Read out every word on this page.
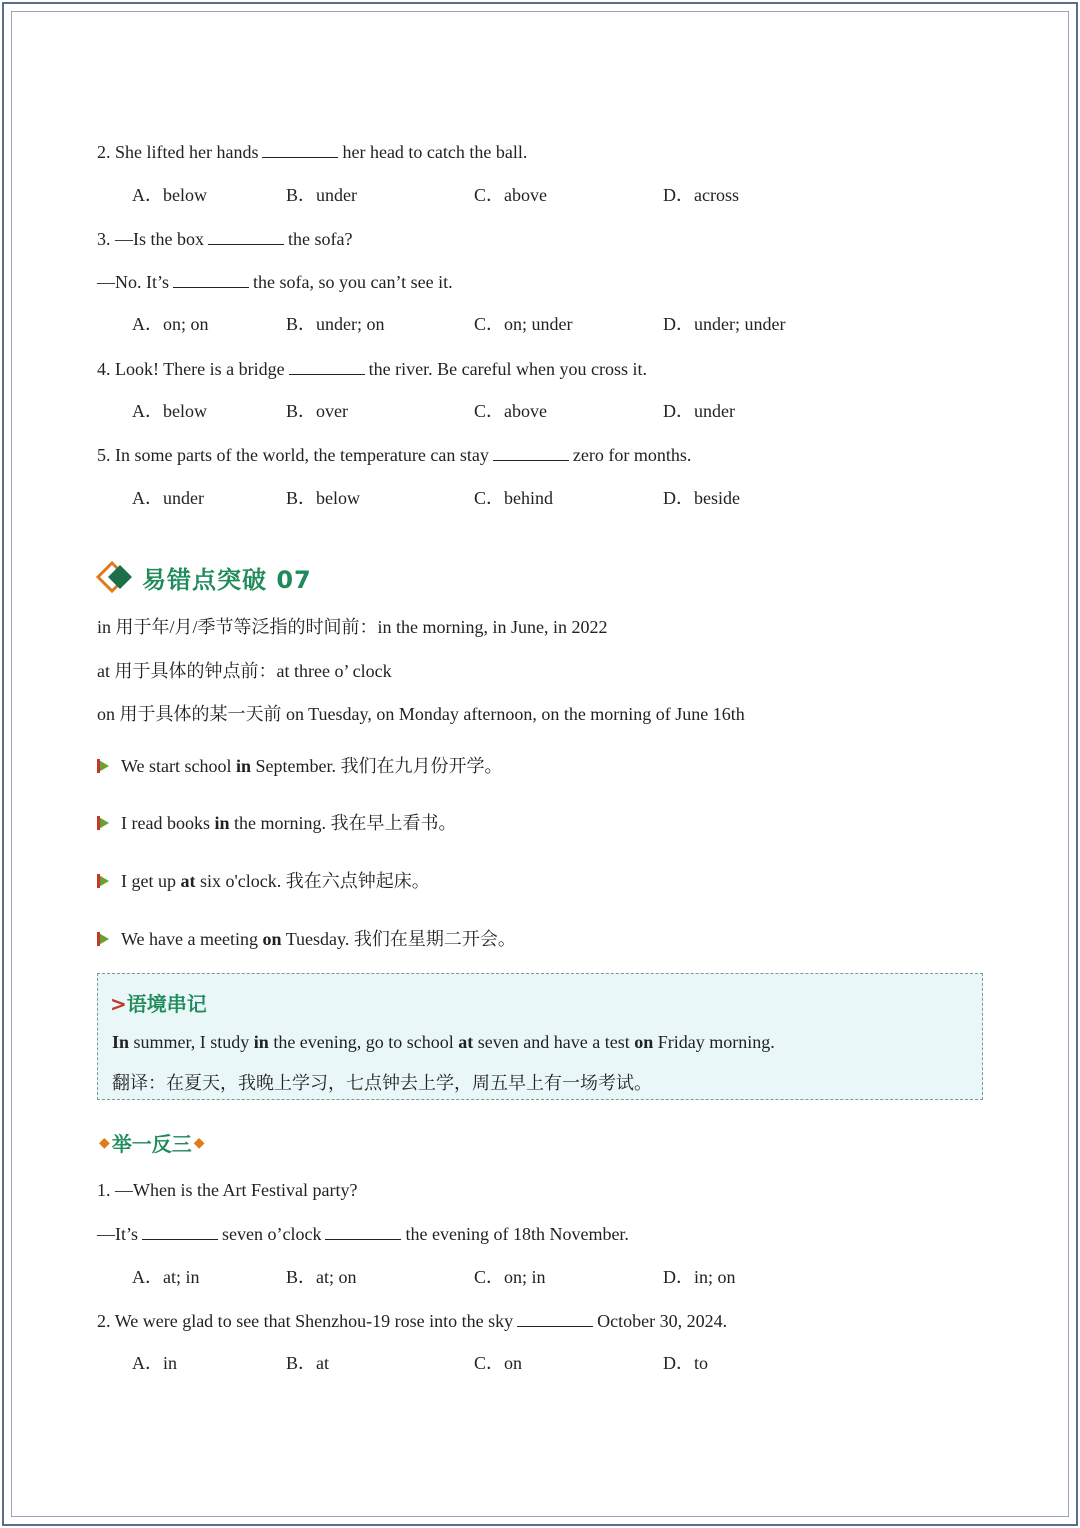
2. She lifted her hands	her head to catch the ball.
A．below	B．under	C．above	D．across
3. —Is the box	the sofa?
—No. It’s	the sofa, so you can’t see it.
A．on; on	B．under; on	C．on; under	D．under; under
4. Look! There is a bridge	the river. Be careful when you cross it.
A．below	B．over	C．above	D．under
5. In some parts of the world, the temperature can stay	zero for months.
A．under	B．below	C．behind	D．beside
易错点突破 07
in 用于年/月/季节等泛指的时间前：in the morning, in June, in 2022
at 用于具体的钟点前：at three o’ clock
on 用于具体的某一天前 on Tuesday, on Monday afternoon, on the morning of June 16th
We start school in September. 我们在九月份开学。
I read books in the morning. 我在早上看书。
I get up at six o'clock. 我在六点钟起床。
We have a meeting on Tuesday. 我们在星期二开会。
>语境串记
In summer, I study in the evening, go to school at seven and have a test on Friday morning.
翻译：在夏天，我晚上学习，七点钟去上学，周五早上有一场考试。
◆ 举一反三 ◆
1. —When is the Art Festival party?
—It’s	seven o’clock	the evening of 18th November.
A．at; in	B．at; on	C．on; in	D．in; on
2. We were glad to see that Shenzhou-19 rose into the sky	October 30, 2024.
A．in	B．at	C．on	D．to
